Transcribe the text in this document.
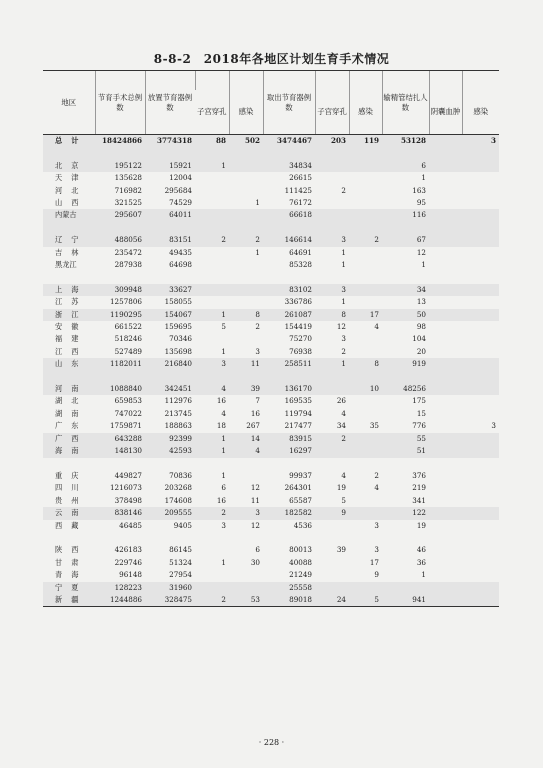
8-8-2　2018年各地区计划生育手术情况
地区	节育手术总例数	放置节育器例数			取出节育器例数			输精管结扎人数		
			子宫穿孔	感染		子宫穿孔	感染		阴囊血肿	感染
总计	18424866	3774318	88	502	3474467	203	119	53128		3

北京	195122	15921	1		34834			6		
天津	135628	12004			26615			1		
河北	716982	295684			111425	2		163		
山西	321525	74529		1	76172			95		
内蒙古	295607	64011			66618			116		

辽宁	488056	83151	2	2	146614	3	2	67		
吉林	235472	49435		1	64691	1		12		
黑龙江	287938	64698			85328	1		1		

上海	309948	33627			83102	3		34		
江苏	1257806	158055			336786	1		13		
浙江	1190295	154067	1	8	261087	8	17	50		
安徽	661522	159695	5	2	154419	12	4	98		
福建	518246	70346			75270	3		104		
江西	527489	135698	1	3	76938	2		20		
山东	1182011	216840	3	11	258511	1	8	919		

河南	1088840	342451	4	39	136170		10	48256		
湖北	659853	112976	16	7	169535	26		175		
湖南	747022	213745	4	16	119794	4		15		
广东	1759871	188863	18	267	217477	34	35	776		3
广西	643288	92399	1	14	83915	2		55		
海南	148130	42593	1	4	16297			51		

重庆	449827	70836	1		99937	4	2	376		
四川	1216073	203268	6	12	264301	19	4	219		
贵州	378498	174608	16	11	65587	5		341		
云南	838146	209555	2	3	182582	9		122		
西藏	46485	9405	3	12	4536		3	19		

陕西	426183	86145		6	80013	39	3	46		
甘肃	229746	51324	1	30	40088		17	36		
青海	96148	27954			21249		9	1		
宁夏	128223	31960			25558					
新疆	1244886	328475	2	53	89018	24	5	941		
· 228 ·
